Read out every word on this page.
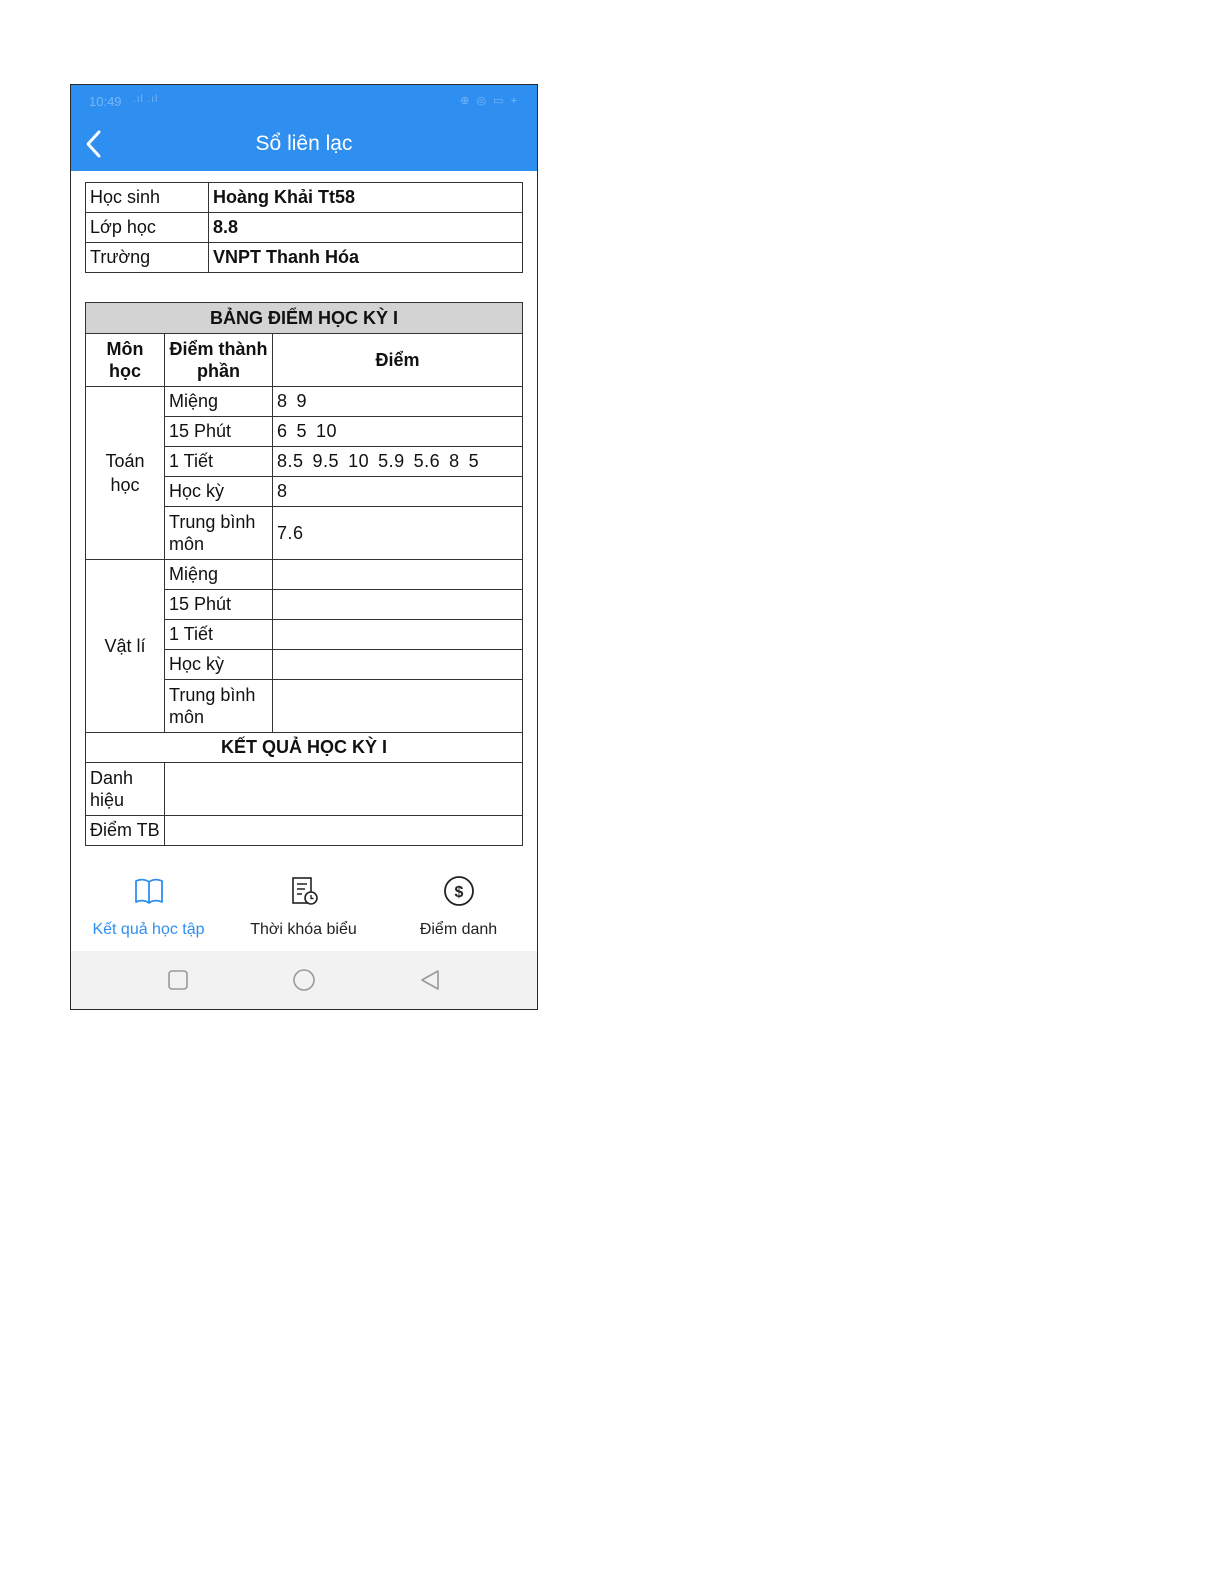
10:49 .ıl .ıl	⊕ ◎ ▭ +
Sổ liên lạc
Học sinh	Hoàng Khải Tt58
Lớp học	8.8
Trường	VNPT Thanh Hóa
BẢNG ĐIỂM HỌC KỲ I		
Môn học	Điểm thành phần	Điểm
Toán học	Miệng	8 9
	15 Phút	6 5 10
	1 Tiết	8.5 9.5 10 5.9 5.6 8 5
	Học kỳ	8
	Trung bình môn	7.6
Vật lí	Miệng	
	15 Phút	
	1 Tiết	
	Học kỳ	
	Trung bình môn	
KẾT QUẢ HỌC KỲ I		
Danh hiệu		
Điểm TB		
Kết quả học tập	Thời khóa biểu
$
Điểm danh
